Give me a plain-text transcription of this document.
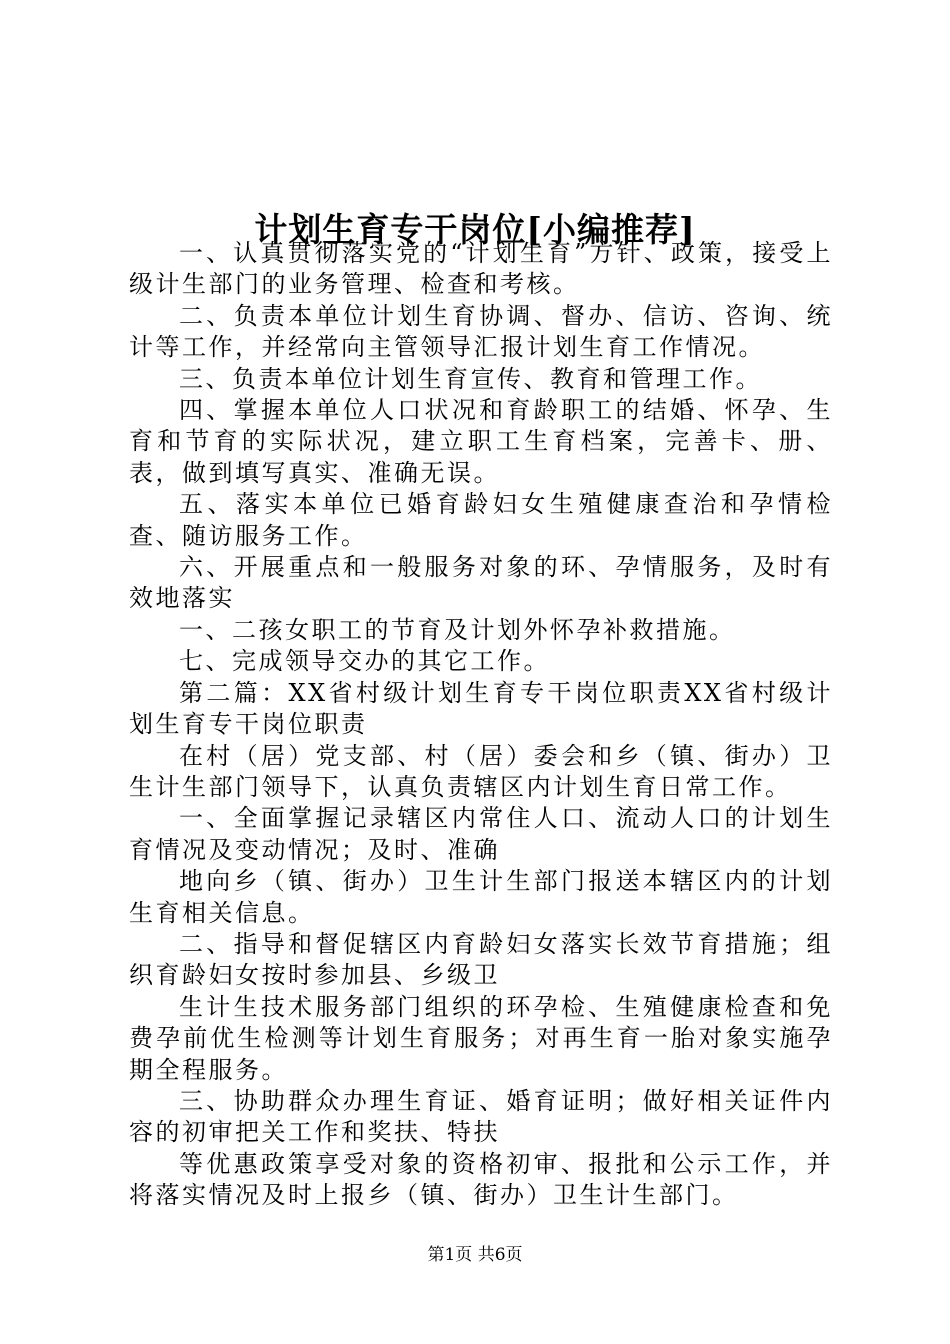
计划生育专干岗位[小编推荐]

一、认真贯彻落实党的“计划生育”方针、政策，接受上级计生部门的业务管理、检查和考核。

二、负责本单位计划生育协调、督办、信访、咨询、统计等工作，并经常向主管领导汇报计划生育工作情况。

三、负责本单位计划生育宣传、教育和管理工作。

四、掌握本单位人口状况和育龄职工的结婚、怀孕、生育和节育的实际状况，建立职工生育档案，完善卡、册、表，做到填写真实、准确无误。

五、落实本单位已婚育龄妇女生殖健康查治和孕情检查、随访服务工作。

六、开展重点和一般服务对象的环、孕情服务，及时有效地落实

一、二孩女职工的节育及计划外怀孕补救措施。

七、完成领导交办的其它工作。

第二篇：XX省村级计划生育专干岗位职责XX省村级计划生育专干岗位职责

在村（居）党支部、村（居）委会和乡（镇、街办）卫生计生部门领导下，认真负责辖区内计划生育日常工作。

一、全面掌握记录辖区内常住人口、流动人口的计划生育情况及变动情况；及时、准确

地向乡（镇、街办）卫生计生部门报送本辖区内的计划生育相关信息。

二、指导和督促辖区内育龄妇女落实长效节育措施；组织育龄妇女按时参加县、乡级卫

生计生技术服务部门组织的环孕检、生殖健康检查和免费孕前优生检测等计划生育服务；对再生育一胎对象实施孕期全程服务。

三、协助群众办理生育证、婚育证明；做好相关证件内容的初审把关工作和奖扶、特扶

等优惠政策享受对象的资格初审、报批和公示工作，并将落实情况及时上报乡（镇、街办）卫生计生部门。

第1页 共6页
